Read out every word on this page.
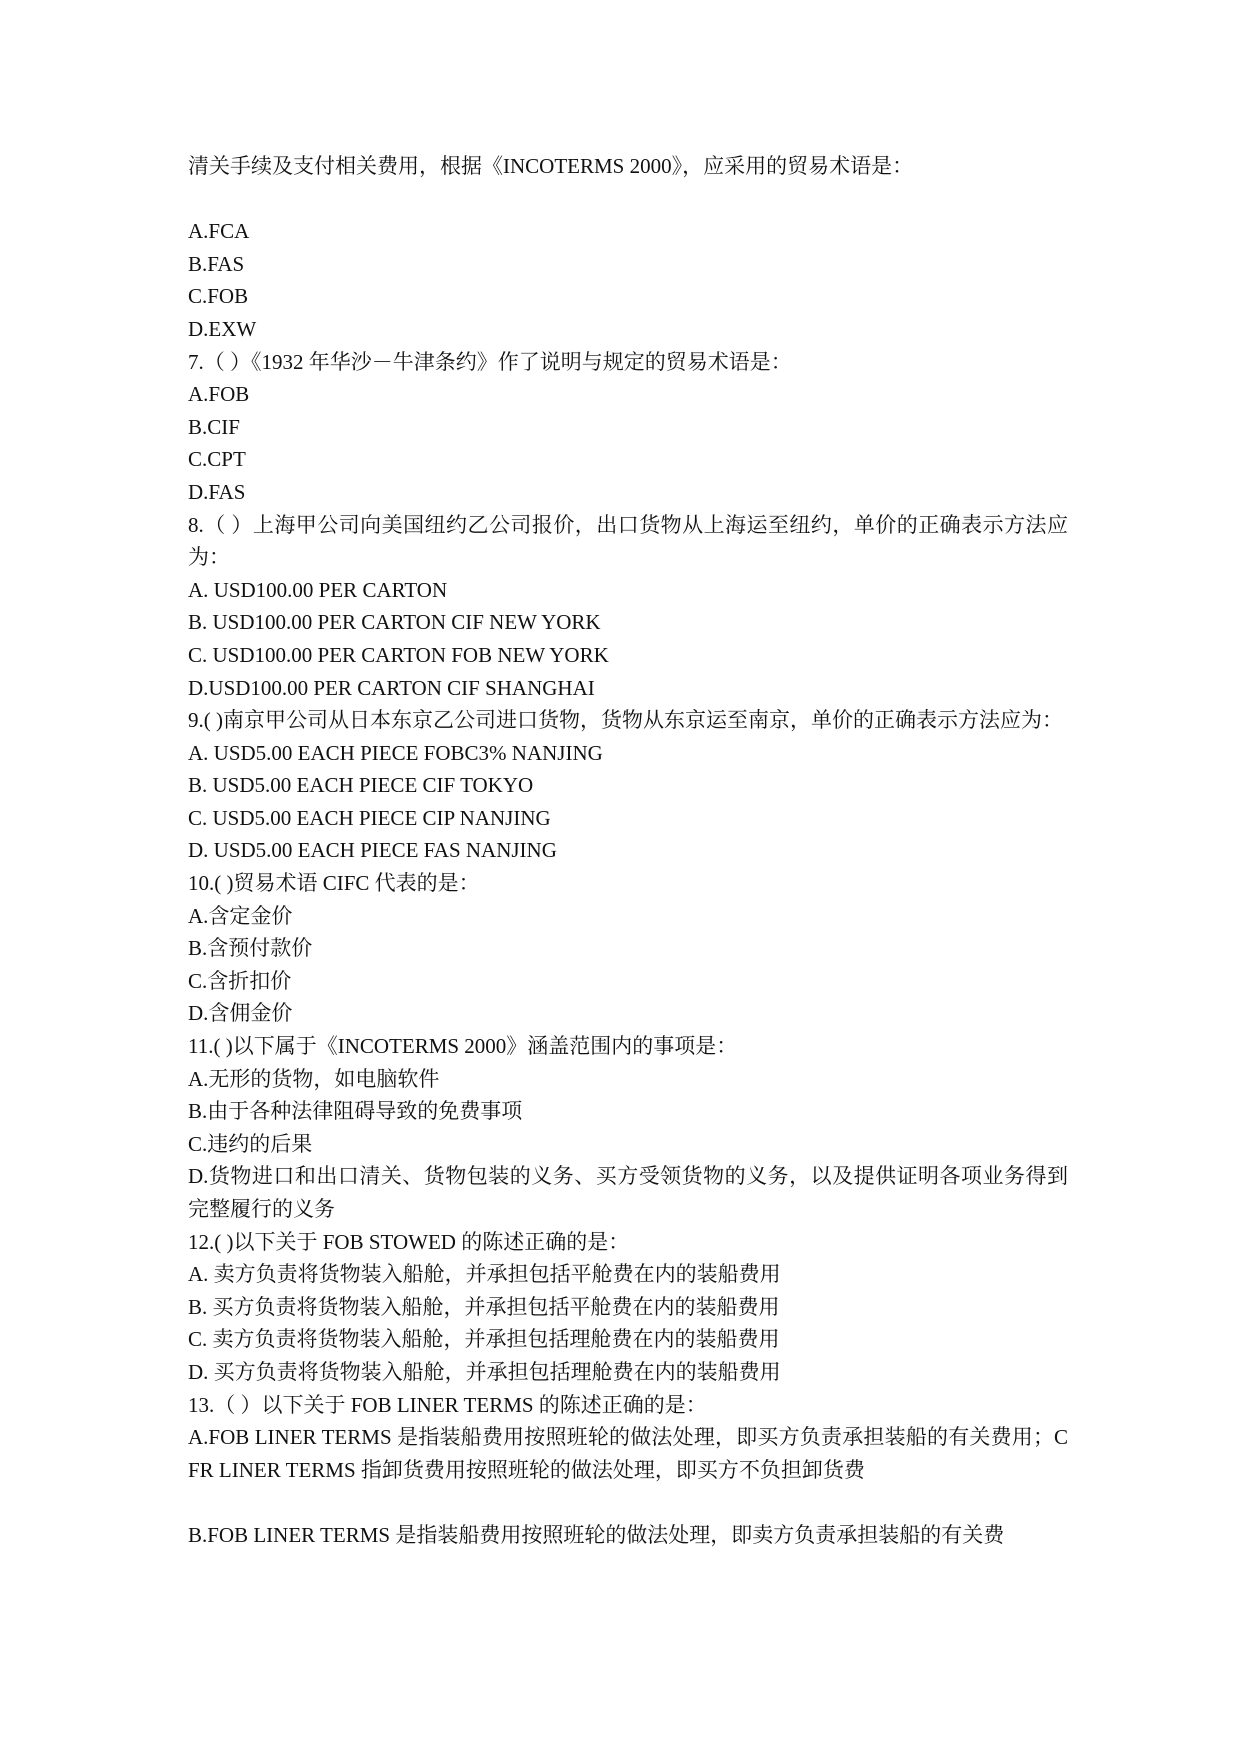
清关手续及支付相关费用，根据《INCOTERMS 2000》，应采用的贸易术语是：
A.FCA
B.FAS
C.FOB
D.EXW
7.（ ）《1932 年华沙－牛津条约》作了说明与规定的贸易术语是：
A.FOB
B.CIF
C.CPT
D.FAS
8.（ ）上海甲公司向美国纽约乙公司报价，出口货物从上海运至纽约，单价的正确表示方法应为：
A. USD100.00 PER CARTON
B. USD100.00 PER CARTON CIF NEW YORK
C. USD100.00 PER CARTON FOB NEW YORK
D.USD100.00 PER CARTON CIF SHANGHAI
9.( )南京甲公司从日本东京乙公司进口货物，货物从东京运至南京，单价的正确表示方法应为：
A. USD5.00 EACH PIECE FOBC3% NANJING
B. USD5.00 EACH PIECE CIF TOKYO
C. USD5.00 EACH PIECE CIP NANJING
D. USD5.00 EACH PIECE FAS NANJING
10.( )贸易术语 CIFC 代表的是：
A.含定金价
B.含预付款价
C.含折扣价
D.含佣金价
11.( )以下属于《INCOTERMS 2000》涵盖范围内的事项是：
A.无形的货物，如电脑软件
B.由于各种法律阻碍导致的免费事项
C.违约的后果
D.货物进口和出口清关、货物包装的义务、买方受领货物的义务，以及提供证明各项业务得到完整履行的义务
12.( )以下关于 FOB STOWED 的陈述正确的是：
A. 卖方负责将货物装入船舱，并承担包括平舱费在内的装船费用
B. 买方负责将货物装入船舱，并承担包括平舱费在内的装船费用
C. 卖方负责将货物装入船舱，并承担包括理舱费在内的装船费用
D. 买方负责将货物装入船舱，并承担包括理舱费在内的装船费用
13.（ ）以下关于 FOB LINER TERMS 的陈述正确的是：
A.FOB LINER TERMS 是指装船费用按照班轮的做法处理，即买方负责承担装船的有关费用；CFR LINER TERMS 指卸货费用按照班轮的做法处理，即买方不负担卸货费
B.FOB LINER TERMS 是指装船费用按照班轮的做法处理，即卖方负责承担装船的有关费
